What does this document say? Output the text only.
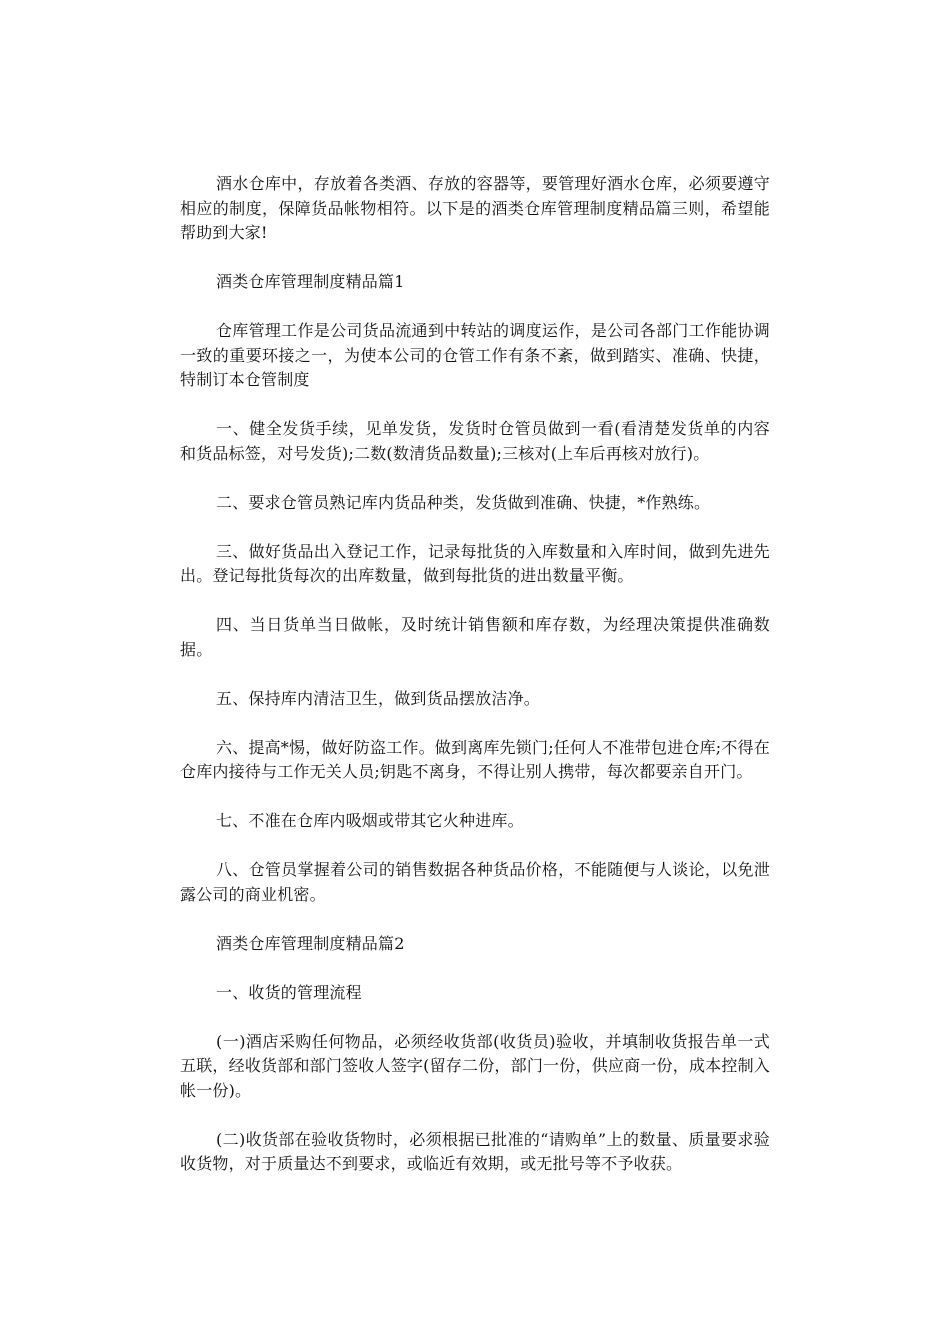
酒水仓库中，存放着各类酒、存放的容器等，要管理好酒水仓库，必须要遵守相应的制度，保障货品帐物相符。以下是的酒类仓库管理制度精品篇三则，希望能帮助到大家!

酒类仓库管理制度精品篇1

仓库管理工作是公司货品流通到中转站的调度运作，是公司各部门工作能协调一致的重要环接之一，为使本公司的仓管工作有条不紊，做到踏实、准确、快捷，特制订本仓管制度

一、健全发货手续，见单发货，发货时仓管员做到一看(看清楚发货单的内容和货品标签，对号发货);二数(数清货品数量);三核对(上车后再核对放行)。

二、要求仓管员熟记库内货品种类，发货做到准确、快捷，*作熟练。

三、做好货品出入登记工作，记录每批货的入库数量和入库时间，做到先进先出。登记每批货每次的出库数量，做到每批货的进出数量平衡。

四、当日货单当日做帐，及时统计销售额和库存数，为经理决策提供准确数据。

五、保持库内清洁卫生，做到货品摆放洁净。

六、提高*惕，做好防盗工作。做到离库先锁门;任何人不准带包进仓库;不得在仓库内接待与工作无关人员;钥匙不离身，不得让别人携带，每次都要亲自开门。

七、不准在仓库内吸烟或带其它火种进库。

八、仓管员掌握着公司的销售数据各种货品价格，不能随便与人谈论，以免泄露公司的商业机密。

酒类仓库管理制度精品篇2

一、收货的管理流程

(一)酒店采购任何物品，必须经收货部(收货员)验收，并填制收货报告单一式五联，经收货部和部门签收人签字(留存二份，部门一份，供应商一份，成本控制入帐一份)。

(二)收货部在验收货物时，必须根据已批准的“请购单”上的数量、质量要求验收货物，对于质量达不到要求，或临近有效期，或无批号等不予收获。
